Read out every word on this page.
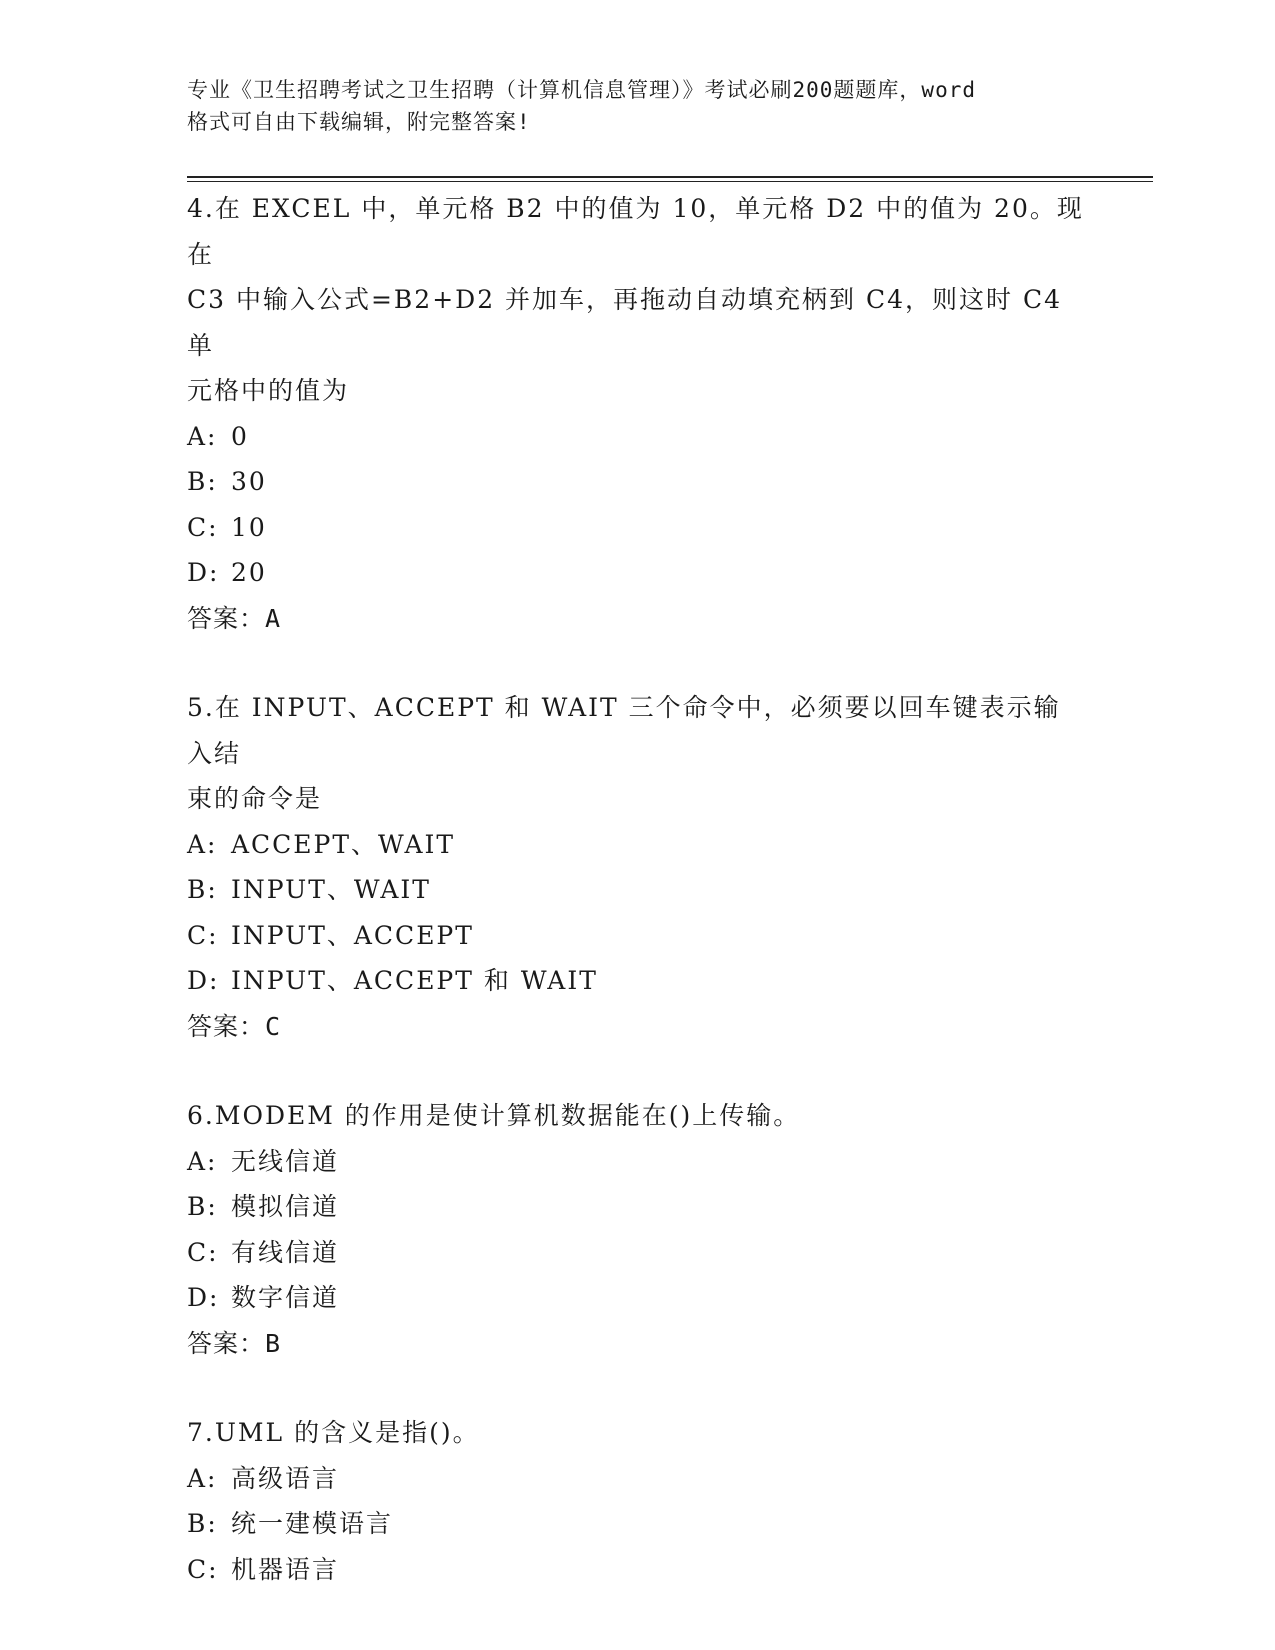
专业《卫生招聘考试之卫生招聘（计算机信息管理）》考试必刷200题题库，word
格式可自由下载编辑，附完整答案!

4.在 EXCEL 中，单元格 B2 中的值为 10，单元格 D2 中的值为 20。现在
C3 中输入公式=B2+D2 并加车，再拖动自动填充柄到 C4，则这时 C4 单
元格中的值为

A: 0

B: 30

C: 10

D: 20

答案：A

5.在 INPUT、ACCEPT 和 WAIT 三个命令中，必须要以回车键表示输入结
束的命令是

A: ACCEPT、WAIT

B: INPUT、WAIT

C: INPUT、ACCEPT

D: INPUT、ACCEPT 和 WAIT

答案：C

6.MODEM 的作用是使计算机数据能在()上传输。

A: 无线信道

B: 模拟信道

C: 有线信道

D: 数字信道

答案：B

7.UML 的含义是指()。

A: 高级语言

B: 统一建模语言

C: 机器语言
